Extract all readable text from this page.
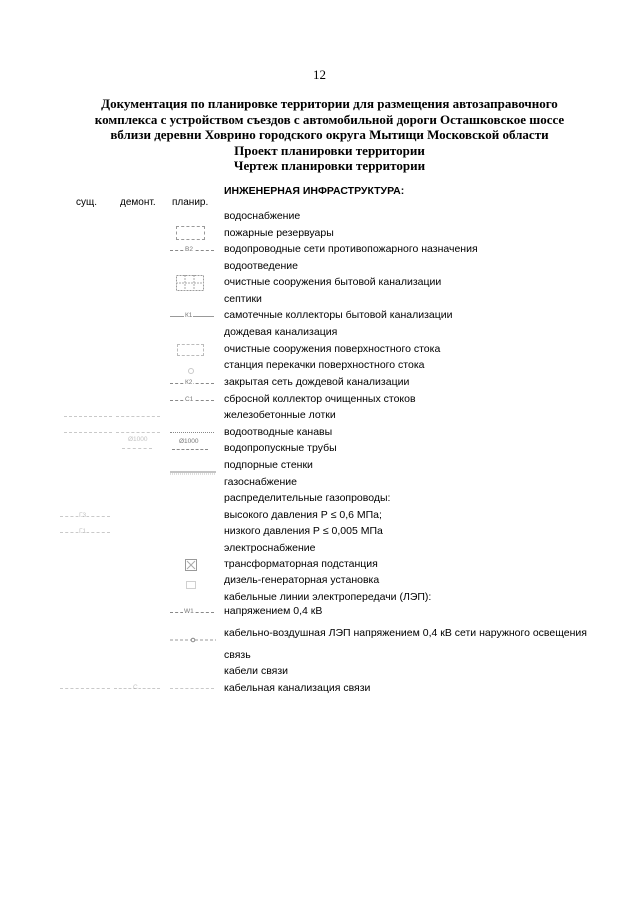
12
Документация по планировке территории для размещения автозаправочного
комплекса с устройством съездов с автомобильной дороги Осташковское шоссе
вблизи деревни Ховрино городского округа Мытищи Московской области
Проект планировки территории
Чертеж планировки территории
ИНЖЕНЕРНАЯ ИНФРАСТРУКТУРА:
сущ. демонт. планир.
водоснабжение
пожарные резервуары
водопроводные сети противопожарного назначения
водоотведение
очистные сооружения бытовой канализации
септики
самотечные коллекторы бытовой канализации
дождевая канализация
очистные сооружения поверхностного стока
станция перекачки поверхностного стока
закрытая сеть дождевой канализации
сбросной коллектор очищенных стоков
железобетонные лотки
водоотводные канавы
водопропускные трубы
подпорные стенки
газоснабжение
распределительные газопроводы:
высокого давления Р ≤ 0,6 МПа;
низкого давления Р ≤ 0,005 МПа
электроснабжение
трансформаторная подстанция
дизель-генераторная установка
кабельные линии электропередачи (ЛЭП):
напряжением 0,4 кВ
кабельно-воздушная ЛЭП напряжением 0,4 кВ сети наружного освещения
связь
кабели связи
кабельная канализация связи
В2
К1
К2
С1
Ø1000	Ø1000
Г3
Г1
W1
С
